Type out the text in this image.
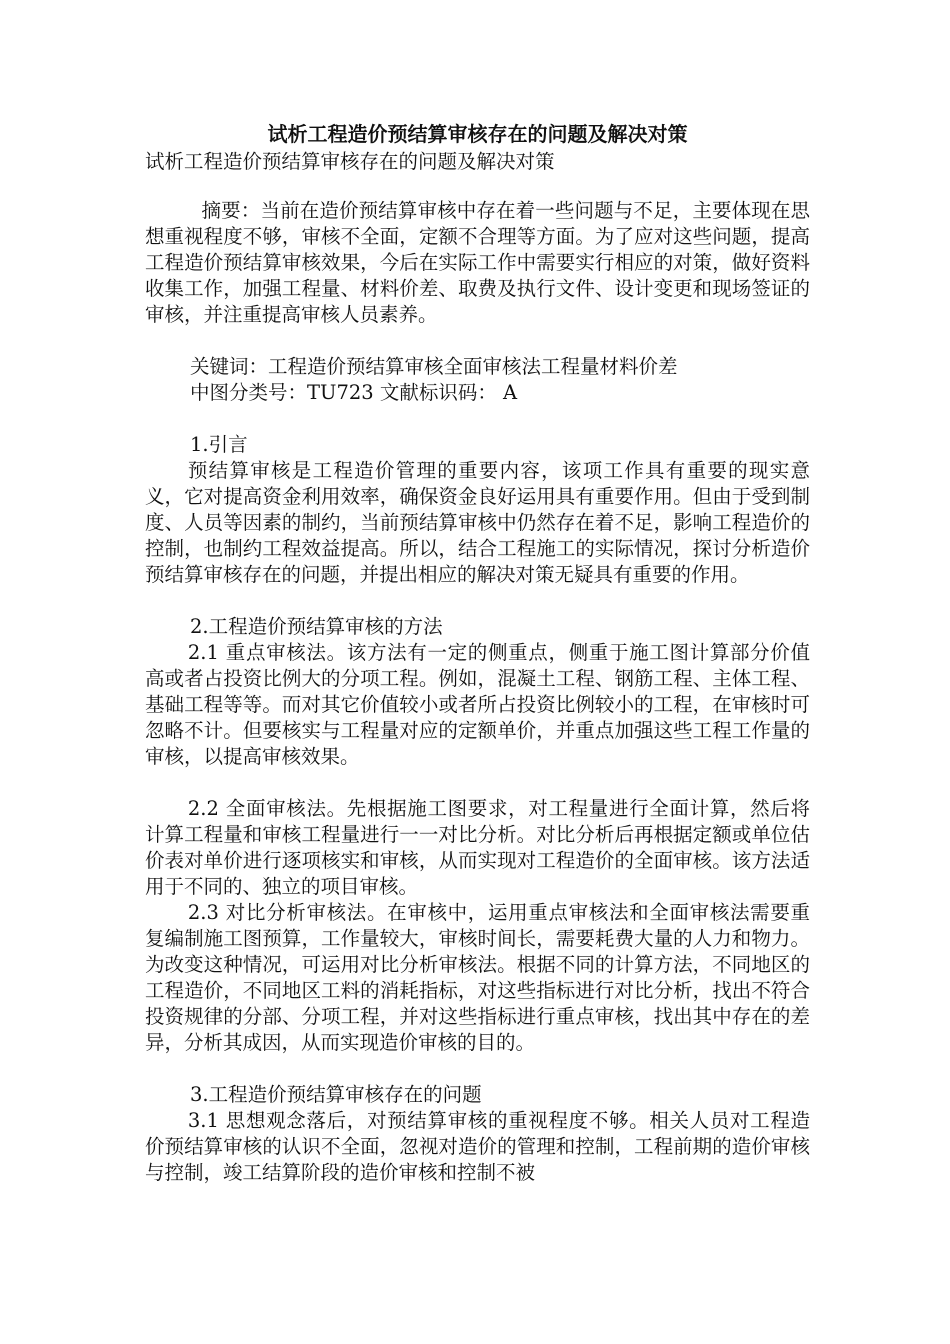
试析工程造价预结算审核存在的问题及解决对策
试析工程造价预结算审核存在的问题及解决对策

摘要：当前在造价预结算审核中存在着一些问题与不足，主要体现在思想重视程度不够，审核不全面，定额不合理等方面。为了应对这些问题，提高工程造价预结算审核效果，今后在实际工作中需要实行相应的对策，做好资料收集工作，加强工程量、材料价差、取费及执行文件、设计变更和现场签证的审核，并注重提高审核人员素养。

关键词：工程造价预结算审核全面审核法工程量材料价差
中图分类号：TU723 文献标识码： A
1.引言

预结算审核是工程造价管理的重要内容，该项工作具有重要的现实意义，它对提高资金利用效率，确保资金良好运用具有重要作用。但由于受到制度、人员等因素的制约，当前预结算审核中仍然存在着不足，影响工程造价的控制，也制约工程效益提高。所以，结合工程施工的实际情况，探讨分析造价预结算审核存在的问题，并提出相应的解决对策无疑具有重要的作用。

2.工程造价预结算审核的方法

2.1 重点审核法。该方法有一定的侧重点，侧重于施工图计算部分价值高或者占投资比例大的分项工程。例如，混凝土工程、钢筋工程、主体工程、基础工程等等。而对其它价值较小或者所占投资比例较小的工程，在审核时可忽略不计。但要核实与工程量对应的定额单价，并重点加强这些工程工作量的审核，以提高审核效果。

2.2 全面审核法。先根据施工图要求，对工程量进行全面计算，然后将计算工程量和审核工程量进行一一对比分析。对比分析后再根据定额或单位估价表对单价进行逐项核实和审核，从而实现对工程造价的全面审核。该方法适用于不同的、独立的项目审核。

2.3 对比分析审核法。在审核中，运用重点审核法和全面审核法需要重复编制施工图预算，工作量较大，审核时间长，需要耗费大量的人力和物力。为改变这种情况，可运用对比分析审核法。根据不同的计算方法，不同地区的工程造价，不同地区工料的消耗指标，对这些指标进行对比分析，找出不符合投资规律的分部、分项工程，并对这些指标进行重点审核，找出其中存在的差异，分析其成因，从而实现造价审核的目的。

3.工程造价预结算审核存在的问题

3.1 思想观念落后，对预结算审核的重视程度不够。相关人员对工程造价预结算审核的认识不全面，忽视对造价的管理和控制，工程前期的造价审核与控制，竣工结算阶段的造价审核和控制不被
